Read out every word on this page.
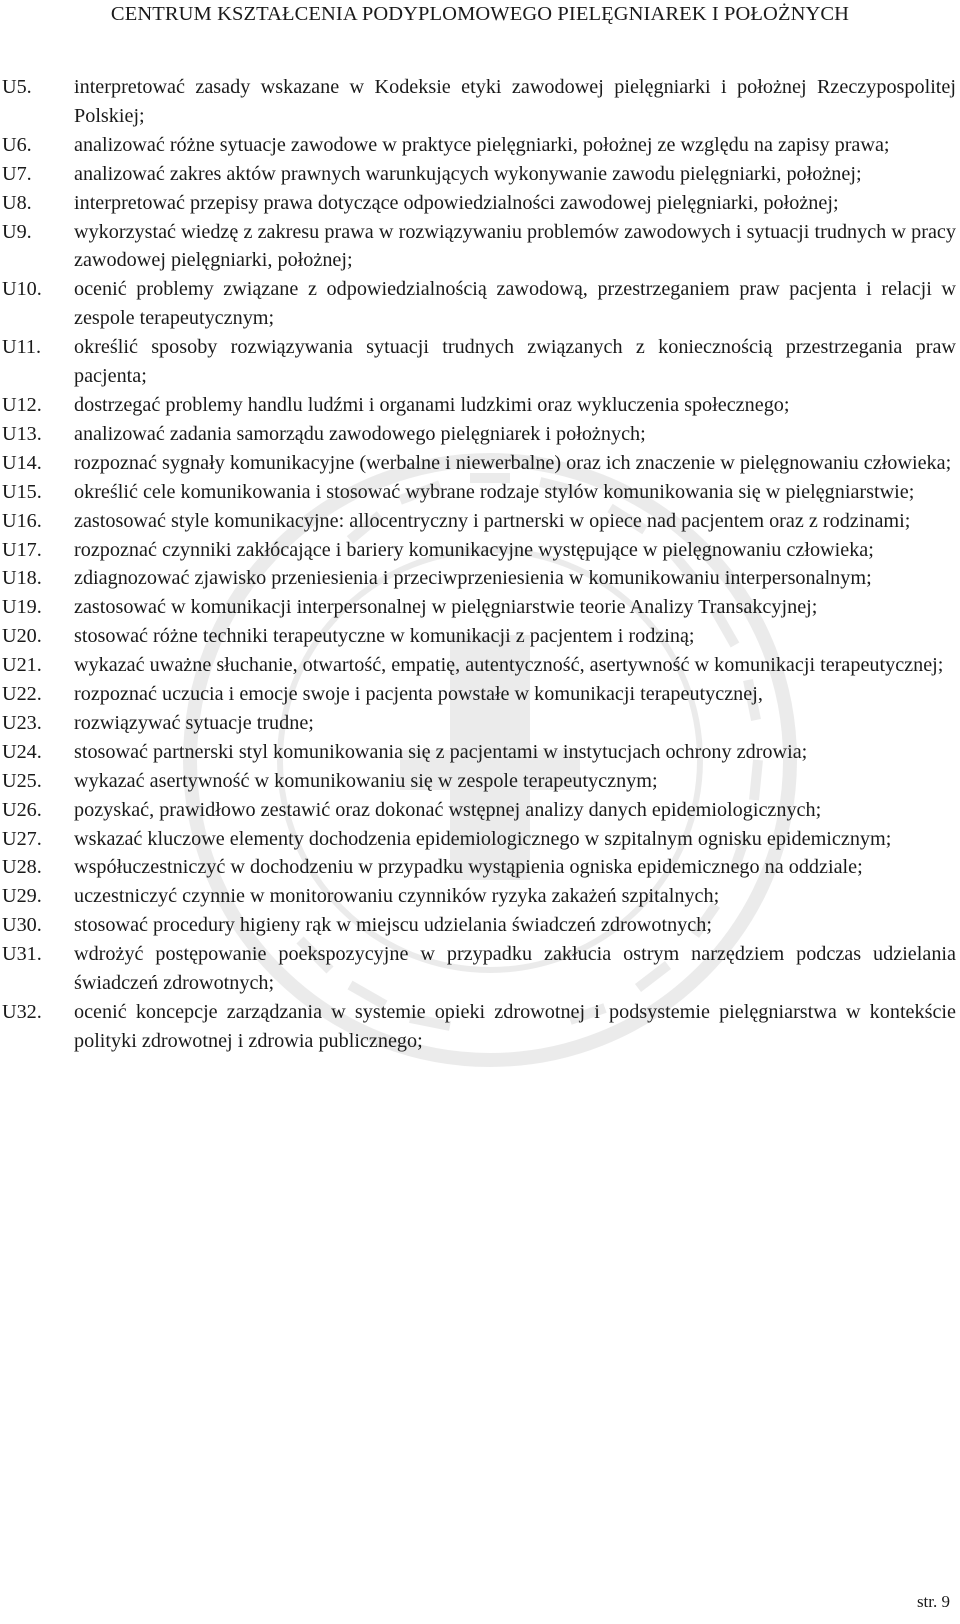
CENTRUM KSZTAŁCENIA PODYPLOMOWEGO PIELĘGNIAREK I POŁOŻNYCH
U5.	interpretować zasady wskazane w Kodeksie etyki zawodowej pielęgniarki i położnej Rzeczypospolitej Polskiej;
U6.	analizować różne sytuacje zawodowe w praktyce pielęgniarki, położnej ze względu na zapisy prawa;
U7.	analizować zakres aktów prawnych warunkujących wykonywanie zawodu pielęgniarki, położnej;
U8.	interpretować przepisy prawa dotyczące odpowiedzialności zawodowej pielęgniarki, położnej;
U9.	wykorzystać wiedzę z zakresu prawa w rozwiązywaniu problemów zawodowych i sytuacji trudnych w pracy zawodowej pielęgniarki, położnej;
U10.	ocenić problemy związane z odpowiedzialnością zawodową, przestrzeganiem praw pacjenta i relacji w zespole terapeutycznym;
U11.	określić sposoby rozwiązywania sytuacji trudnych związanych z koniecznością przestrzegania praw pacjenta;
U12.	dostrzegać problemy handlu ludźmi i organami ludzkimi oraz wykluczenia społecznego;
U13.	analizować zadania samorządu zawodowego pielęgniarek i położnych;
U14.	rozpoznać sygnały komunikacyjne (werbalne i niewerbalne) oraz ich znaczenie w pielęgnowaniu człowieka;
U15.	określić cele komunikowania i stosować wybrane rodzaje stylów komunikowania się w pielęgniarstwie;
U16.	zastosować style komunikacyjne: allocentryczny i partnerski w opiece nad pacjentem oraz z rodzinami;
U17.	rozpoznać czynniki zakłócające i bariery komunikacyjne występujące w pielęgnowaniu człowieka;
U18.	zdiagnozować zjawisko przeniesienia i przeciwprzeniesienia w komunikowaniu interpersonalnym;
U19.	zastosować w komunikacji interpersonalnej w pielęgniarstwie teorie Analizy Transakcyjnej;
U20.	stosować różne techniki terapeutyczne w komunikacji z pacjentem i rodziną;
U21.	wykazać uważne słuchanie, otwartość, empatię, autentyczność, asertywność w komunikacji terapeutycznej;
U22.	rozpoznać uczucia i emocje swoje i pacjenta powstałe w komunikacji terapeutycznej,
U23.	rozwiązywać sytuacje trudne;
U24.	stosować partnerski styl komunikowania się z pacjentami w instytucjach ochrony zdrowia;
U25.	wykazać asertywność w komunikowaniu się w zespole terapeutycznym;
U26.	pozyskać, prawidłowo zestawić oraz dokonać wstępnej analizy danych epidemiologicznych;
U27.	wskazać kluczowe elementy dochodzenia epidemiologicznego w szpitalnym ognisku epidemicznym;
U28.	współuczestniczyć w dochodzeniu w przypadku wystąpienia ogniska epidemicznego na oddziale;
U29.	uczestniczyć czynnie w monitorowaniu czynników ryzyka zakażeń szpitalnych;
U30.	stosować procedury higieny rąk w miejscu udzielania świadczeń zdrowotnych;
U31.	wdrożyć postępowanie poekspozycyjne w przypadku zakłucia ostrym narzędziem podczas udzielania świadczeń zdrowotnych;
U32.	ocenić koncepcje zarządzania w systemie opieki zdrowotnej i podsystemie pielęgniarstwa w kontekście polityki zdrowotnej i zdrowia publicznego;
str. 9
